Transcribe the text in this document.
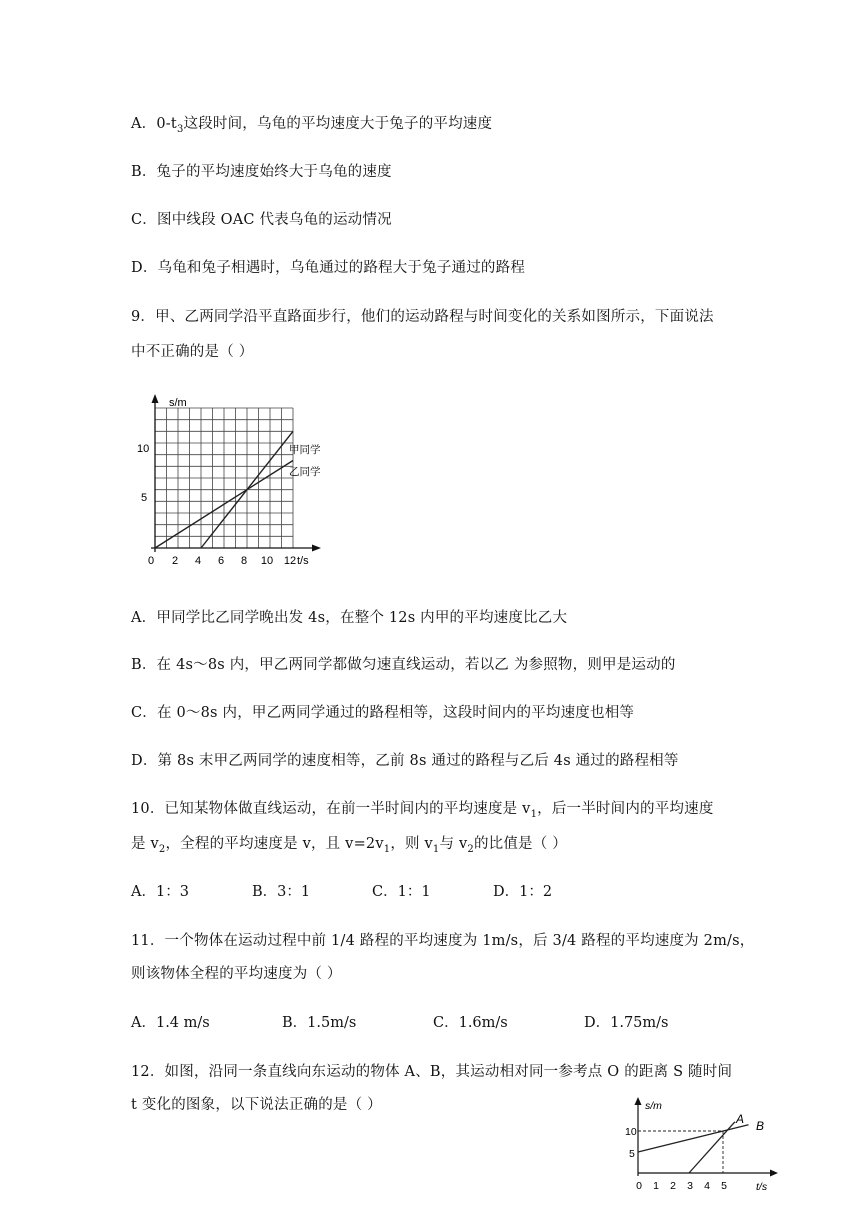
A．$0-t_3$这段时间，乌龟的平均速度大于兔子的平均速度
B．兔子的平均速度始终大于乌龟的速度
C．图中线段 OAC 代表乌龟的运动情况
D．乌龟和兔子相遇时，乌龟通过的路程大于兔子通过的路程
9．甲、乙两同学沿平直路面步行，他们的运动路程与时间变化的关系如图所示，下面说法
中不正确的是（ ）
s/m
10
5
0 2 4 6 8 10 12 t/s
甲同学
乙同学
A．甲同学比乙同学晚出发 4s，在整个 12s 内甲的平均速度比乙大
B．在 4s～8s 内，甲乙两同学都做匀速直线运动，若以乙 为参照物，则甲是运动的
C．在 0～8s 内，甲乙两同学通过的路程相等，这段时间内的平均速度也相等
D．第 8s 末甲乙两同学的速度相等，乙前 8s 通过的路程与乙后 4s 通过的路程相等
10．已知某物体做直线运动，在前一半时间内的平均速度是 $v_1$，后一半时间内的平均速度
是 $v_2$，全程的平均速度是 v，且 $v=2v_1$，则 $v_1$与 $v_2$的比值是（ ）
A．1：3	B．3：1	C．1：1	D．1：2
11．一个物体在运动过程中前 1/4 路程的平均速度为 1m/s，后 3/4 路程的平均速度为 2m/s，
则该物体全程的平均速度为（ ）
A．1.4 m/s	B．1.5m/s	C．1.6m/s	D．1.75m/s
12．如图，沿同一条直线向东运动的物体 A、B，其运动相对同一参考点 O 的距离 S 随时间
t 变化的图象，以下说法正确的是（ ）	s/m
10
5
0 1 2 3 4 5	t/s
A B
